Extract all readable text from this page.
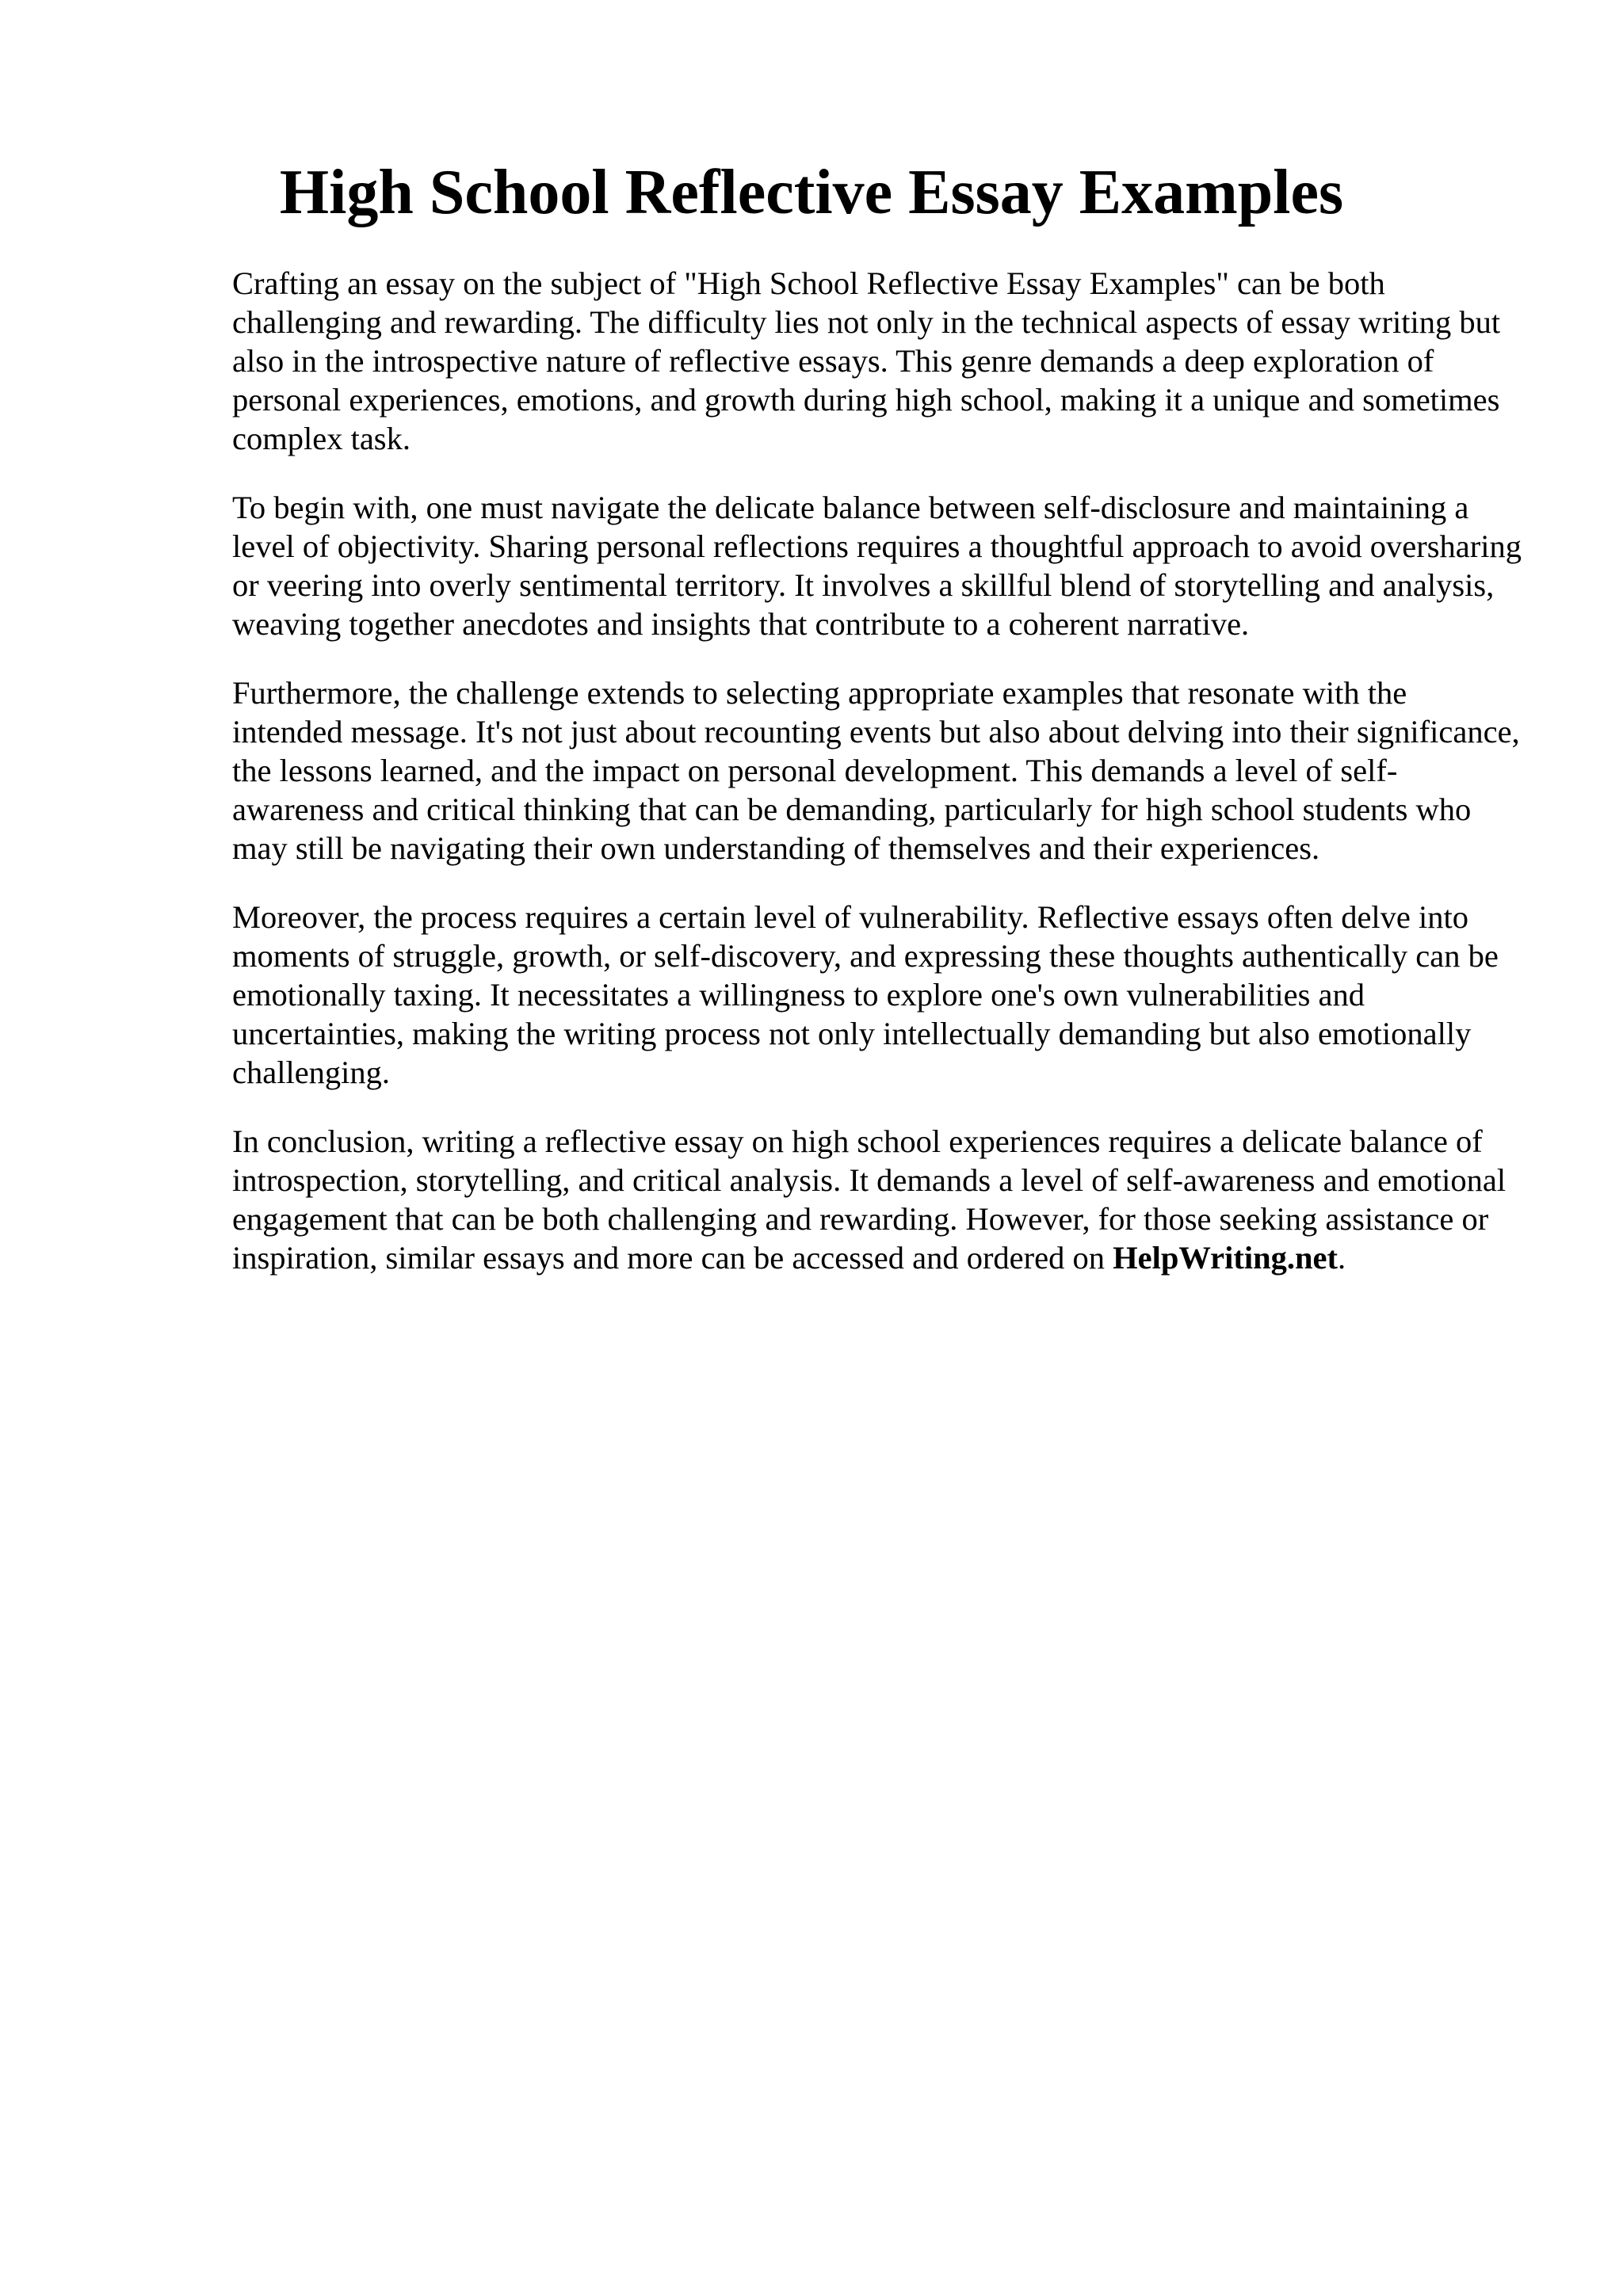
High School Reflective Essay Examples

Crafting an essay on the subject of "High School Reflective Essay Examples" can be both challenging and rewarding. The difficulty lies not only in the technical aspects of essay writing but also in the introspective nature of reflective essays. This genre demands a deep exploration of personal experiences, emotions, and growth during high school, making it a unique and sometimes complex task.

To begin with, one must navigate the delicate balance between self-disclosure and maintaining a level of objectivity. Sharing personal reflections requires a thoughtful approach to avoid oversharing or veering into overly sentimental territory. It involves a skillful blend of storytelling and analysis, weaving together anecdotes and insights that contribute to a coherent narrative.

Furthermore, the challenge extends to selecting appropriate examples that resonate with the intended message. It's not just about recounting events but also about delving into their significance, the lessons learned, and the impact on personal development. This demands a level of self-awareness and critical thinking that can be demanding, particularly for high school students who may still be navigating their own understanding of themselves and their experiences.

Moreover, the process requires a certain level of vulnerability. Reflective essays often delve into moments of struggle, growth, or self-discovery, and expressing these thoughts authentically can be emotionally taxing. It necessitates a willingness to explore one's own vulnerabilities and uncertainties, making the writing process not only intellectually demanding but also emotionally challenging.

In conclusion, writing a reflective essay on high school experiences requires a delicate balance of introspection, storytelling, and critical analysis. It demands a level of self-awareness and emotional engagement that can be both challenging and rewarding. However, for those seeking assistance or inspiration, similar essays and more can be accessed and ordered on HelpWriting.net.
